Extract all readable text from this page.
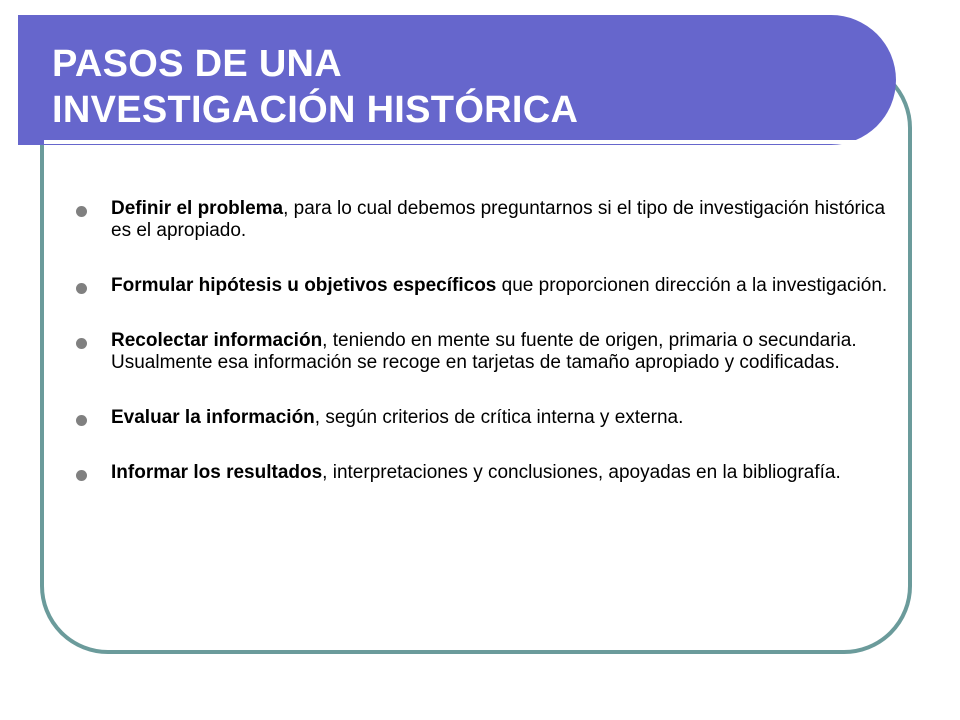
PASOS DE UNA
INVESTIGACIÓN HISTÓRICA
Definir el problema, para lo cual debemos preguntarnos si el tipo de investigación histórica es el apropiado.
Formular hipótesis u objetivos específicos que proporcionen dirección a la investigación.
Recolectar información, teniendo en mente su fuente de origen, primaria o secundaria. Usualmente esa información se recoge en tarjetas de tamaño apropiado y codificadas.
Evaluar la información, según criterios de crítica interna y externa.
Informar los resultados, interpretaciones y conclusiones, apoyadas en la bibliografía.
